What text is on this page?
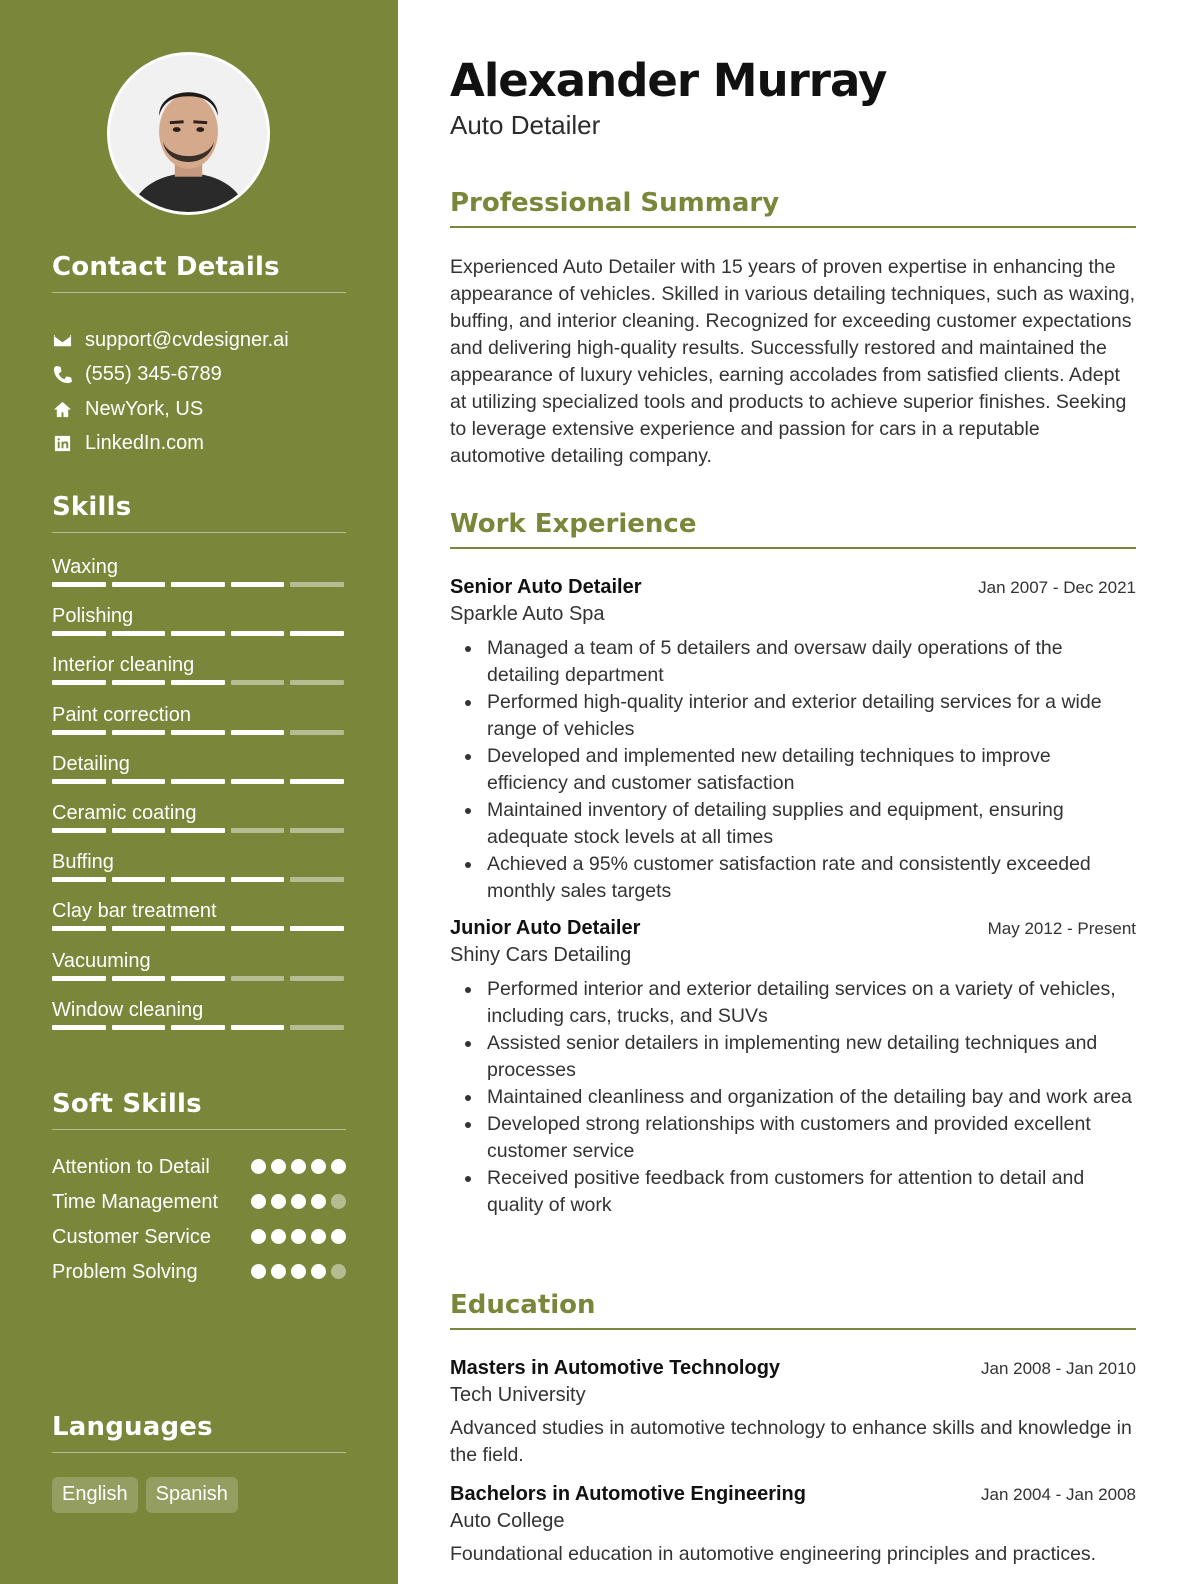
Contact Details
support@cvdesigner.ai
(555) 345-6789
NewYork, US
LinkedIn.com
Skills
Waxing
Polishing
Interior cleaning
Paint correction
Detailing
Ceramic coating
Buffing
Clay bar treatment
Vacuuming
Window cleaning
Soft Skills
Attention to Detail
Time Management
Customer Service
Problem Solving
Languages
English	Spanish
Alexander Murray
Auto Detailer
Professional Summary

Experienced Auto Detailer with 15 years of proven expertise in enhancing the appearance of vehicles. Skilled in various detailing techniques, such as waxing, buffing, and interior cleaning. Recognized for exceeding customer expectations and delivering high-quality results. Successfully restored and maintained the appearance of luxury vehicles, earning accolades from satisfied clients. Adept at utilizing specialized tools and products to achieve superior finishes. Seeking to leverage extensive experience and passion for cars in a reputable automotive detailing company.

Work Experience
Senior Auto Detailer	Jan 2007 - Dec 2021
Sparkle Auto Spa
Managed a team of 5 detailers and oversaw daily operations of the detailing department
Performed high-quality interior and exterior detailing services for a wide range of vehicles
Developed and implemented new detailing techniques to improve efficiency and customer satisfaction
Maintained inventory of detailing supplies and equipment, ensuring adequate stock levels at all times
Achieved a 95% customer satisfaction rate and consistently exceeded monthly sales targets
Junior Auto Detailer	May 2012 - Present
Shiny Cars Detailing
Performed interior and exterior detailing services on a variety of vehicles, including cars, trucks, and SUVs
Assisted senior detailers in implementing new detailing techniques and processes
Maintained cleanliness and organization of the detailing bay and work area
Developed strong relationships with customers and provided excellent customer service
Received positive feedback from customers for attention to detail and quality of work
Education
Masters in Automotive Technology	Jan 2008 - Jan 2010
Tech University

Advanced studies in automotive technology to enhance skills and knowledge in the field.

Bachelors in Automotive Engineering	Jan 2004 - Jan 2008
Auto College

Foundational education in automotive engineering principles and practices.
